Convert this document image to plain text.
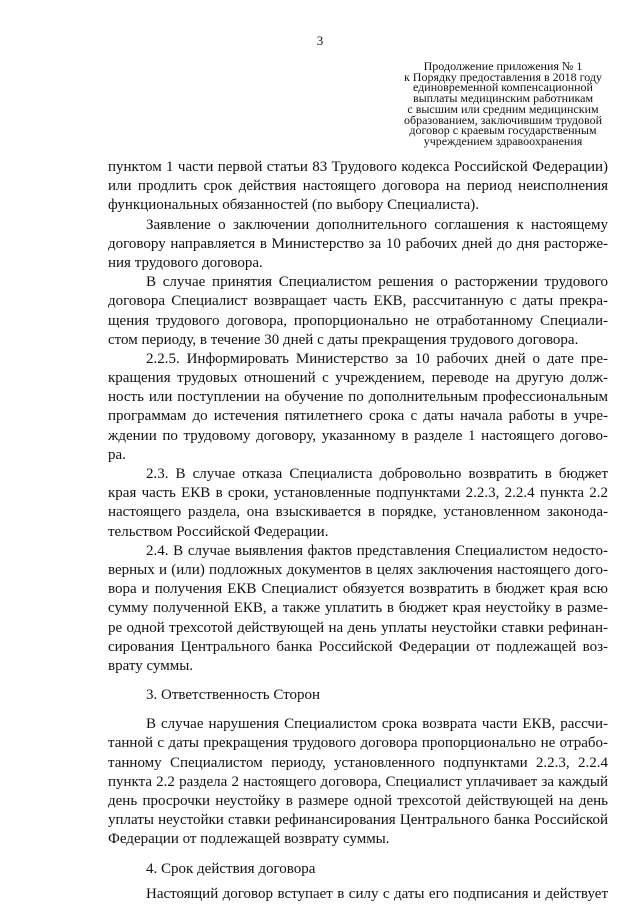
3
Продолжение приложения № 1
к Порядку предоставления в 2018 году
единовременной компенсационной
выплаты медицинским работникам
с высшим или средним медицинским
образованием, заключившим трудовой
договор с краевым государственным
учреждением здравоохранения
пунктом 1 части первой статьи 83 Трудового кодекса Российской Федерации)
или продлить срок действия настоящего договора на период неисполнения
функциональных обязанностей (по выбору Специалиста).
Заявление о заключении дополнительного соглашения к настоящему
договору направляется в Министерство за 10 рабочих дней до дня расторже-
ния трудового договора.
В случае принятия Специалистом решения о расторжении трудового
договора Специалист возвращает часть ЕКВ, рассчитанную с даты прекра-
щения трудового договора, пропорционально не отработанному Специали-
стом периоду, в течение 30 дней с даты прекращения трудового договора.
2.2.5. Информировать Министерство за 10 рабочих дней о дате пре-
кращения трудовых отношений с учреждением, переводе на другую долж-
ность или поступлении на обучение по дополнительным профессиональным
программам до истечения пятилетнего срока с даты начала работы в учре-
ждении по трудовому договору, указанному в разделе 1 настоящего догово-
ра.
2.3. В случае отказа Специалиста добровольно возвратить в бюджет
края часть ЕКВ в сроки, установленные подпунктами 2.2.3, 2.2.4 пункта 2.2
настоящего раздела, она взыскивается в порядке, установленном законода-
тельством Российской Федерации.
2.4. В случае выявления фактов представления Специалистом недосто-
верных и (или) подложных документов в целях заключения настоящего дого-
вора и получения ЕКВ Специалист обязуется возвратить в бюджет края всю
сумму полученной ЕКВ, а также уплатить в бюджет края неустойку в разме-
ре одной трехсотой действующей на день уплаты неустойки ставки рефинан-
сирования Центрального банка Российской Федерации от подлежащей воз-
врату суммы.
3. Ответственность Сторон
В случае нарушения Специалистом срока возврата части ЕКВ, рассчи-
танной с даты прекращения трудового договора пропорционально не отрабо-
танному Специалистом периоду, установленного подпунктами 2.2.3, 2.2.4
пункта 2.2 раздела 2 настоящего договора, Специалист уплачивает за каждый
день просрочки неустойку в размере одной трехсотой действующей на день
уплаты неустойки ставки рефинансирования Центрального банка Российской
Федерации от подлежащей возврату суммы.
4. Срок действия договора
Настоящий договор вступает в силу с даты его подписания и действует
